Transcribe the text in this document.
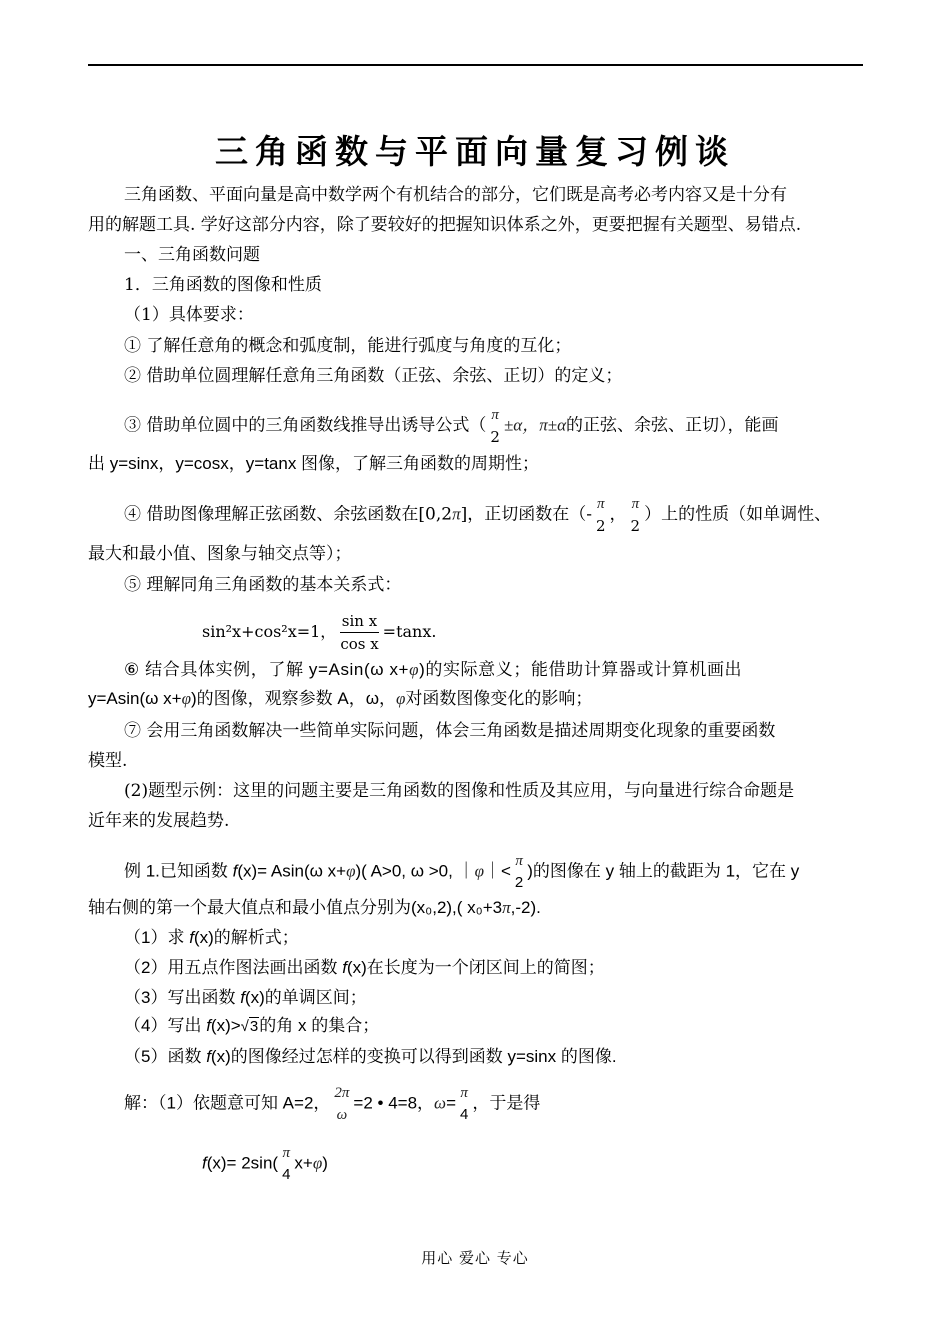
三角函数与平面向量复习例谈
三角函数、平面向量是高中数学两个有机结合的部分，它们既是高考必考内容又是十分有
用的解题工具. 学好这部分内容，除了要较好的把握知识体系之外，更要把握有关题型、易错点.
一、三角函数问题
1．三角函数的图像和性质
（1）具体要求：
① 了解任意角的概念和弧度制，能进行弧度与角度的互化；
② 借助单位圆理解任意角三角函数（正弦、余弦、正切）的定义；
③ 借助单位圆中的三角函数线推导出诱导公式（
π
2
±α，π±α的正弦、余弦、正切），能画
出 y=sinx，y=cosx，y=tanx 图像，了解三角函数的周期性；
④ 借助图像理解正弦函数、余弦函数在[0,2π]，正切函数在（-
π
2
，
π
2
）上的性质（如单调性、
最大和最小值、图象与轴交点等）；
⑤ 理解同角三角函数的基本关系式：
sin²x+cos²x=1， $\frac{\text{sin x}}{\text{cos x}} =\tan x$.
⑥ 结合具体实例，了解 y=Asin(ω x+φ)的实际意义；能借助计算器或计算机画出
y=Asin(ω x+φ)的图像，观察参数 A，ω，φ对函数图像变化的影响；
⑦ 会用三角函数解决一些简单实际问题，体会三角函数是描述周期变化现象的重要函数
模型.
(2)题型示例：这里的问题主要是三角函数的图像和性质及其应用，与向量进行综合命题是
近年来的发展趋势.
例 1.已知函数 f(x)= Asin(ω x+φ)( A>0, ω >0, ｜φ｜<
π
2
)的图像在 y 轴上的截距为 1，它在 y
轴右侧的第一个最大值点和最小值点分别为(x₀,2),( x₀+3π,-2).
（1）求 f(x)的解析式；
（2）用五点作图法画出函数 f(x)在长度为一个闭区间上的简图；
（3）写出函数 f(x)的单调区间；
（4）写出 f(x)>√3的角 x 的集合；
（5）函数 f(x)的图像经过怎样的变换可以得到函数 y=sinx 的图像.
解：（1）依题意可知 A=2，
2π
ω
=2 • 4=8，ω=
π
4
，于是得
f(x)= 2sin(
π
4
x+φ)
用心 爱心 专心
